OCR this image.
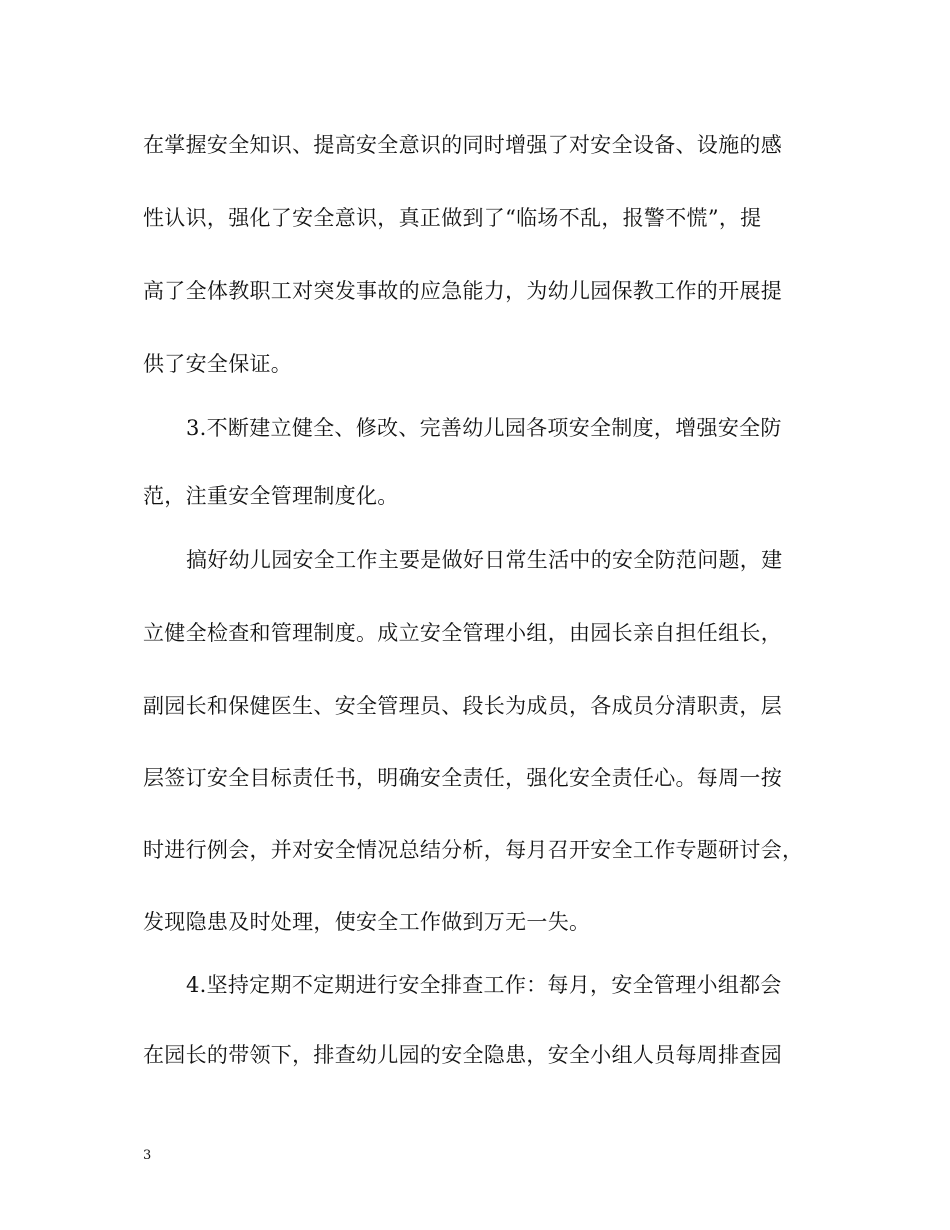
在掌握安全知识、提高安全意识的同时增强了对安全设备、设施的感
性认识，强化了安全意识，真正做到了“临场不乱，报警不慌”，提
高了全体教职工对突发事故的应急能力，为幼儿园保教工作的开展提
供了安全保证。
3.不断建立健全、修改、完善幼儿园各项安全制度，增强安全防
范，注重安全管理制度化。
搞好幼儿园安全工作主要是做好日常生活中的安全防范问题，建
立健全检查和管理制度。成立安全管理小组，由园长亲自担任组长，
副园长和保健医生、安全管理员、段长为成员，各成员分清职责，层
层签订安全目标责任书，明确安全责任，强化安全责任心。每周一按
时进行例会，并对安全情况总结分析，每月召开安全工作专题研讨会，
发现隐患及时处理，使安全工作做到万无一失。
4.坚持定期不定期进行安全排查工作：每月，安全管理小组都会
在园长的带领下，排查幼儿园的安全隐患，安全小组人员每周排查园
3
